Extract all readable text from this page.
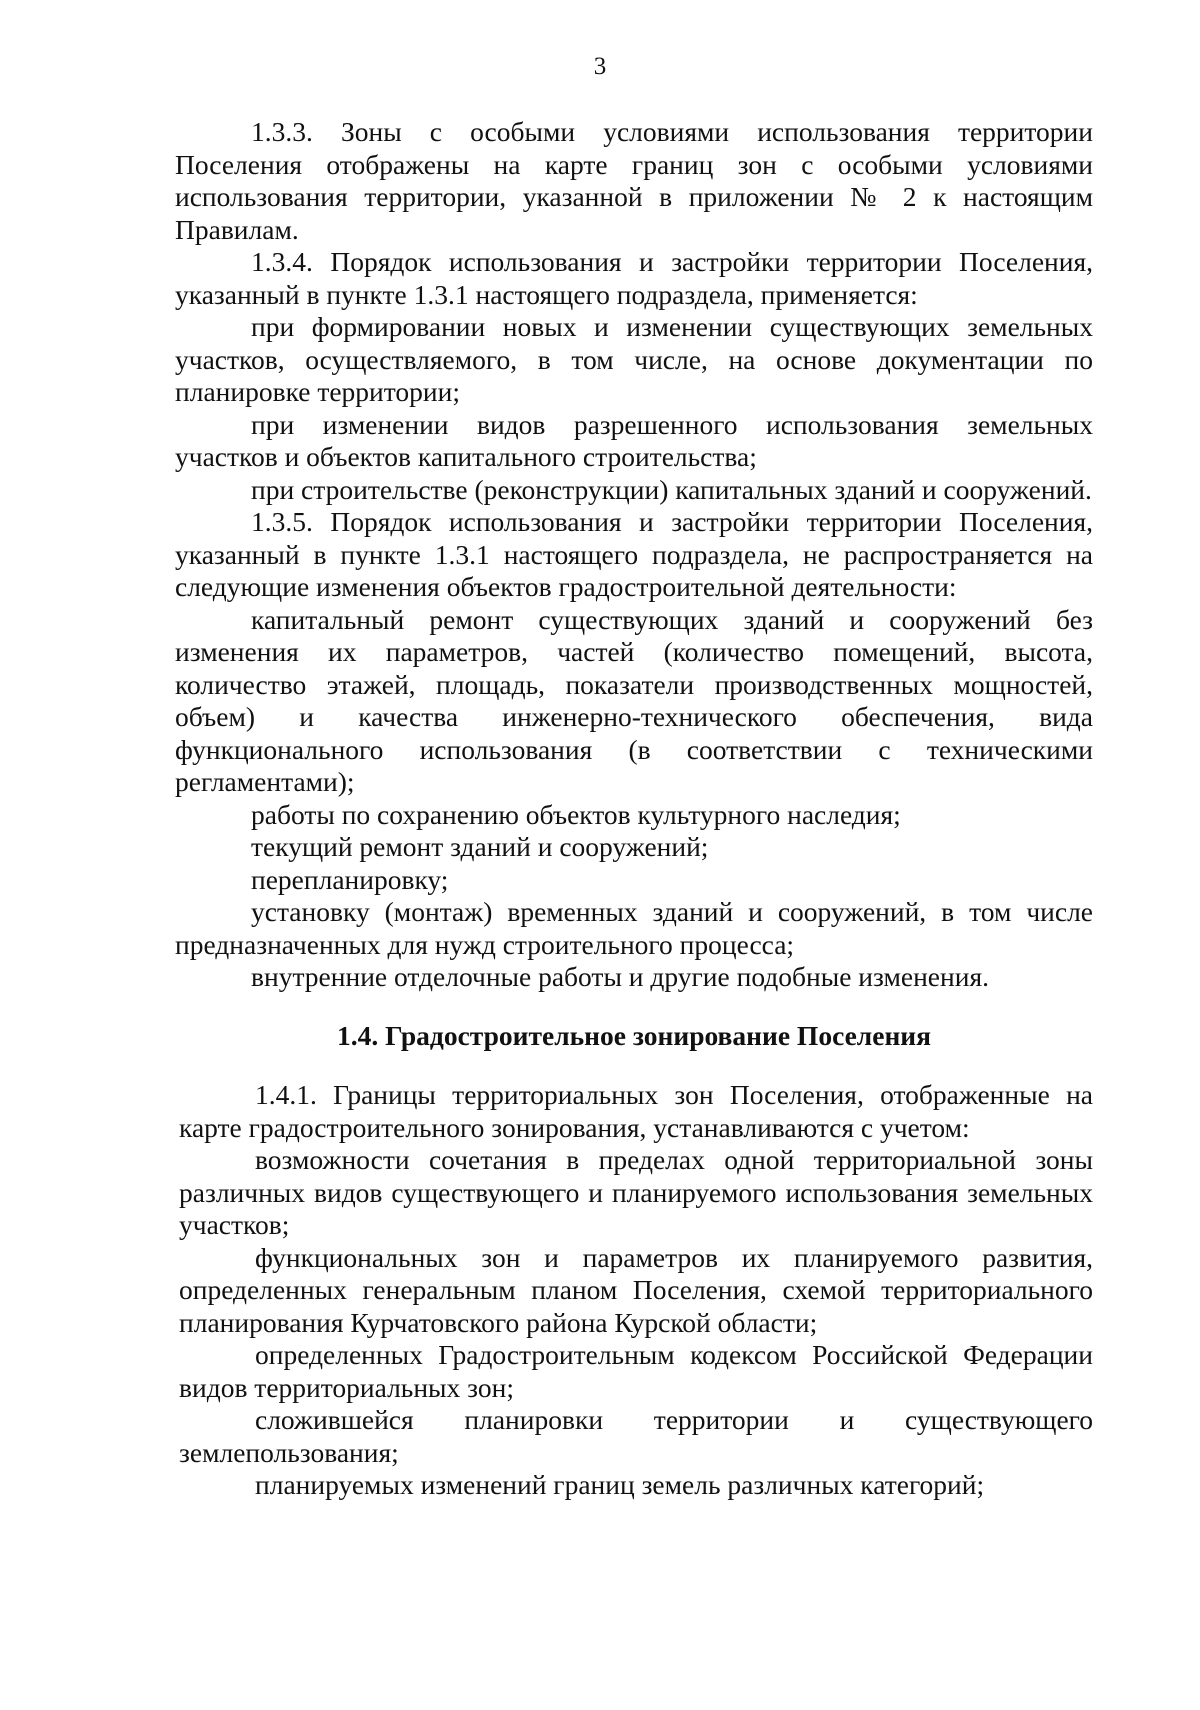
3

1.3.3. Зоны с особыми условиями использования территории Поселения отображены на карте границ зон с особыми условиями использования территории, указанной в приложении № 2 к настоящим Правилам.

1.3.4. Порядок использования и застройки территории Поселения, указанный в пункте 1.3.1 настоящего подраздела, применяется:

при формировании новых и изменении существующих земельных участков, осуществляемого, в том числе, на основе документации по планировке территории;

при изменении видов разрешенного использования земельных участков и объектов капитального строительства;

при строительстве (реконструкции) капитальных зданий и сооружений.

1.3.5. Порядок использования и застройки территории Поселения, указанный в пункте 1.3.1 настоящего подраздела, не распространяется на следующие изменения объектов градостроительной деятельности:

капитальный ремонт существующих зданий и сооружений без изменения их параметров, частей (количество помещений, высота, количество этажей, площадь, показатели производственных мощностей, объем) и качества инженерно-технического обеспечения, вида функционального использования (в соответствии с техническими регламентами);

работы по сохранению объектов культурного наследия;

текущий ремонт зданий и сооружений;

перепланировку;

установку (монтаж) временных зданий и сооружений, в том числе предназначенных для нужд строительного процесса;

внутренние отделочные работы и другие подобные изменения.

1.4. Градостроительное зонирование Поселения

1.4.1. Границы территориальных зон Поселения, отображенные на карте градостроительного зонирования, устанавливаются с учетом:

возможности сочетания в пределах одной территориальной зоны различных видов существующего и планируемого использования земельных участков;

функциональных зон и параметров их планируемого развития, определенных генеральным планом Поселения, схемой территориального планирования Курчатовского района Курской области;

определенных Градостроительным кодексом Российской Федерации видов территориальных зон;

сложившейся планировки территории и существующего землепользования;

планируемых изменений границ земель различных категорий;
